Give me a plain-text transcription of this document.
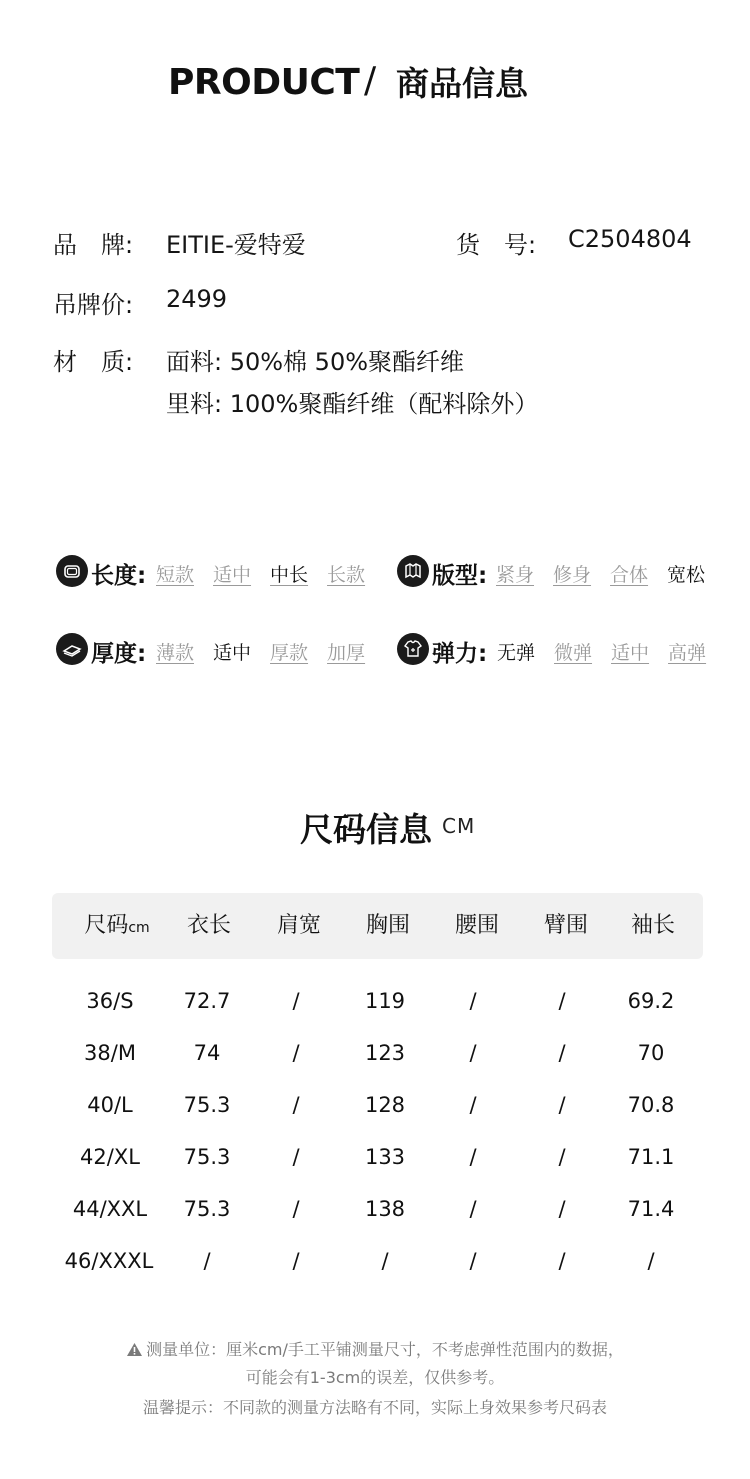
PRODUCT / 商品信息
品　牌: EITIE-爱特爱	货　号: C2504804
吊牌价: 2499
材　质: 面料: 50%棉 50%聚酯纤维
里料: 100%聚酯纤维（配料除外）
长度: 短款 适中 中长 长款	版型: 紧身 修身 合体 宽松
厚度: 薄款 适中 厚款 加厚	弹力: 无弹 微弹 适中 高弹
尺码信息 CM
尺码cm	衣长	肩宽	胸围	腰围	臂围	袖长
36/S	72.7	/	119	/	/	69.2
38/M	74	/	123	/	/	70
40/L	75.3	/	128	/	/	70.8
42/XL	75.3	/	133	/	/	71.1
44/XXL	75.3	/	138	/	/	71.4
46/XXXL	/	/	/	/	/	/
测量单位：厘米cm/手工平铺测量尺寸，不考虑弹性范围内的数据，
可能会有1-3cm的误差，仅供参考。
温馨提示：不同款的测量方法略有不同，实际上身效果参考尺码表
